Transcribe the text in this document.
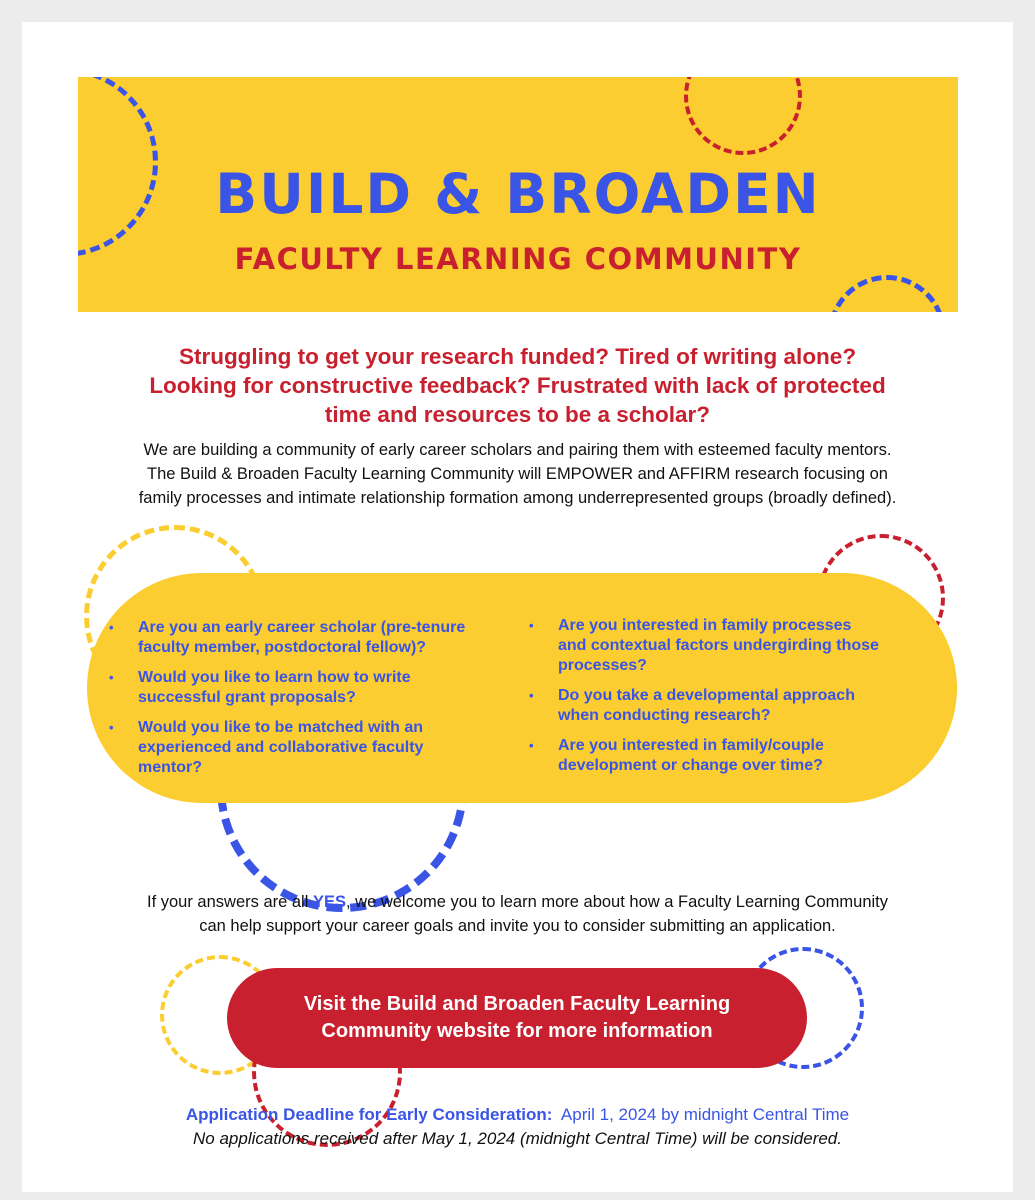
BUILD & BROADEN
FACULTY LEARNING COMMUNITY
Struggling to get your research funded? Tired of writing alone?
Looking for constructive feedback? Frustrated with lack of protected
time and resources to be a scholar?
We are building a community of early career scholars and pairing them with esteemed faculty mentors.
The Build & Broaden Faculty Learning Community will EMPOWER and AFFIRM research focusing on
family processes and intimate relationship formation among underrepresented groups (broadly defined).
• Are you an early career scholar (pre-tenure
faculty member, postdoctoral fellow)?
• Would you like to learn how to write
successful grant proposals?
• Would you like to be matched with an
experienced and collaborative faculty
mentor?
• Are you interested in family processes
and contextual factors undergirding those
processes?
• Do you take a developmental approach
when conducting research?
• Are you interested in family/couple
development or change over time?
If your answers are all YES, we welcome you to learn more about how a Faculty Learning Community
can help support your career goals and invite you to consider submitting an application.
Visit the Build and Broaden Faculty Learning
Community website for more information
Application Deadline for Early Consideration: April 1, 2024 by midnight Central Time
No applications received after May 1, 2024 (midnight Central Time) will be considered.
